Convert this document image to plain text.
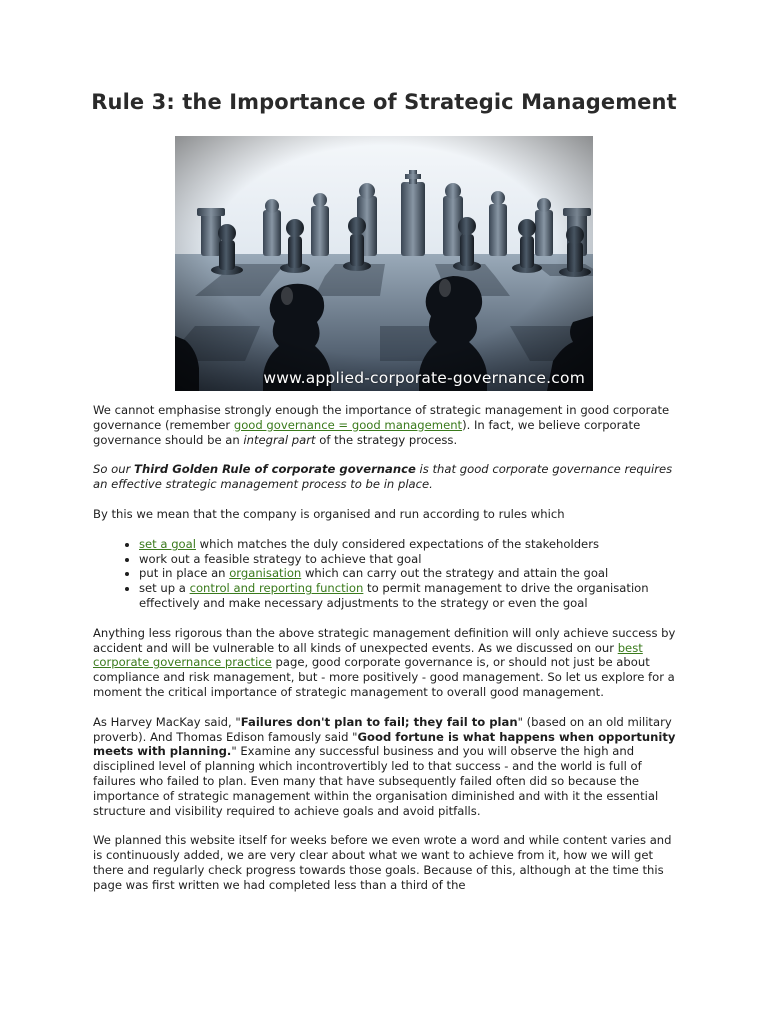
Rule 3: the Importance of Strategic Management
www.applied-corporate-governance.com

We cannot emphasise strongly enough the importance of strategic management in good corporate governance (remember good governance = good management). In fact, we believe corporate governance should be an integral part of the strategy process.

So our Third Golden Rule of corporate governance is that good corporate governance requires an effective strategic management process to be in place.

By this we mean that the company is organised and run according to rules which

• set a goal which matches the duly considered expectations of the stakeholders
• work out a feasible strategy to achieve that goal
• put in place an organisation which can carry out the strategy and attain the goal
• set up a control and reporting function to permit management to drive the organisation effectively and make necessary adjustments to the strategy or even the goal

Anything less rigorous than the above strategic management definition will only achieve success by accident and will be vulnerable to all kinds of unexpected events. As we discussed on our best corporate governance practice page, good corporate governance is, or should not just be about compliance and risk management, but - more positively - good management. So let us explore for a moment the critical importance of strategic management to overall good management.

As Harvey MacKay said, "Failures don't plan to fail; they fail to plan" (based on an old military proverb). And Thomas Edison famously said "Good fortune is what happens when opportunity meets with planning." Examine any successful business and you will observe the high and disciplined level of planning which incontrovertibly led to that success - and the world is full of failures who failed to plan. Even many that have subsequently failed often did so because the importance of strategic management within the organisation diminished and with it the essential structure and visibility required to achieve goals and avoid pitfalls.

We planned this website itself for weeks before we even wrote a word and while content varies and is continuously added, we are very clear about what we want to achieve from it, how we will get there and regularly check progress towards those goals. Because of this, although at the time this page was first written we had completed less than a third of the
